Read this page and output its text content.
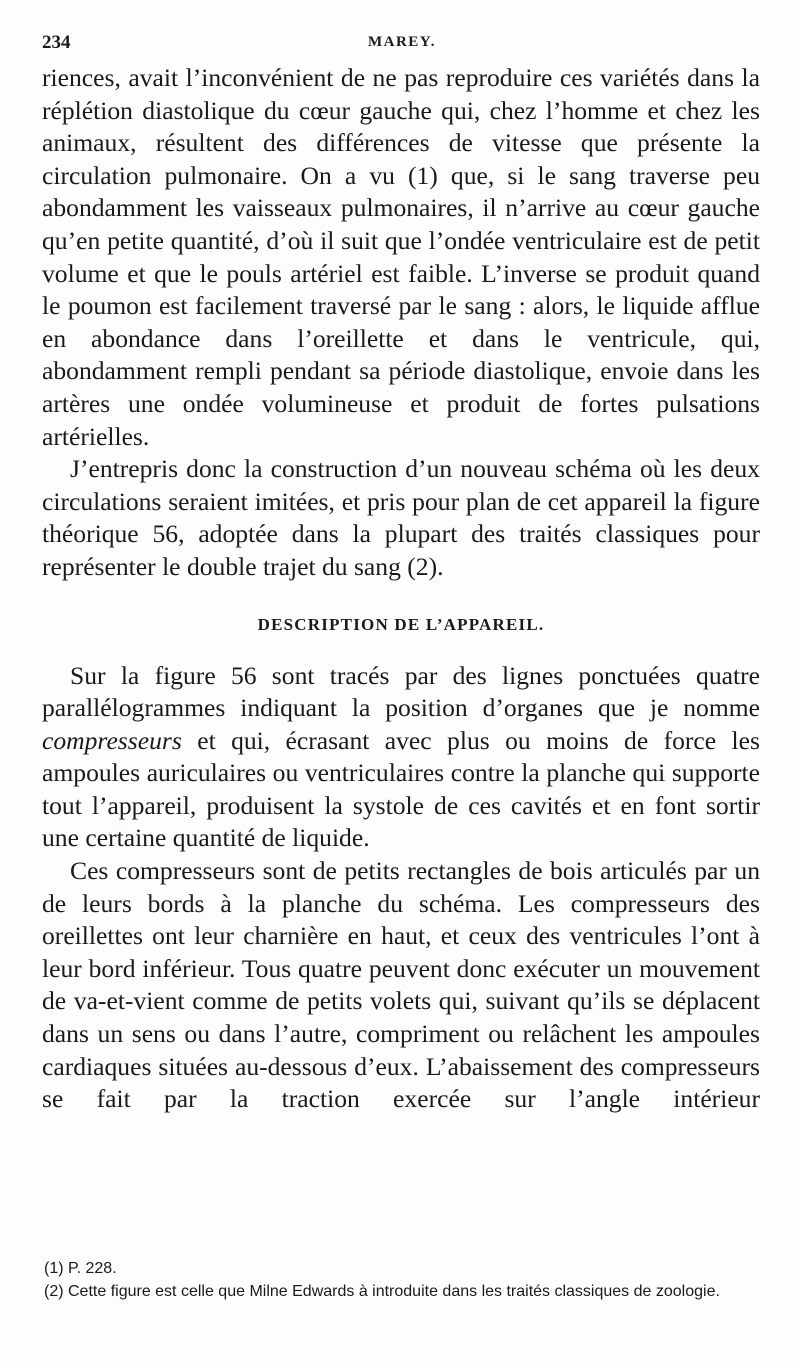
234	MAREY.

riences, avait l’inconvénient de ne pas reproduire ces variétés dans la réplétion diastolique du cœur gauche qui, chez l’homme et chez les animaux, résultent des différences de vitesse que présente la circulation pulmonaire. On a vu (1) que, si le sang traverse peu abondamment les vaisseaux pulmonaires, il n’arrive au cœur gauche qu’en petite quantité, d’où il suit que l’ondée ventriculaire est de petit volume et que le pouls artériel est faible. L’inverse se produit quand le poumon est facilement traversé par le sang : alors, le liquide afflue en abondance dans l’oreillette et dans le ventricule, qui, abondamment rempli pendant sa période diastolique, envoie dans les artères une ondée volumineuse et produit de fortes pulsations artérielles.

J’entrepris donc la construction d’un nouveau schéma où les deux circulations seraient imitées, et pris pour plan de cet appareil la figure théorique 56, adoptée dans la plupart des traités classiques pour représenter le double trajet du sang (2).

DESCRIPTION DE L’APPAREIL.

Sur la figure 56 sont tracés par des lignes ponctuées quatre parallélogrammes indiquant la position d’organes que je nomme compresseurs et qui, écrasant avec plus ou moins de force les ampoules auriculaires ou ventriculaires contre la planche qui supporte tout l’appareil, produisent la systole de ces cavités et en font sortir une certaine quantité de liquide.

Ces compresseurs sont de petits rectangles de bois articulés par un de leurs bords à la planche du schéma. Les compresseurs des oreillettes ont leur charnière en haut, et ceux des ventricules l’ont à leur bord inférieur. Tous quatre peuvent donc exécuter un mouvement de va-et-vient comme de petits volets qui, suivant qu’ils se déplacent dans un sens ou dans l’autre, compriment ou relâchent les ampoules cardiaques situées au-dessous d’eux. L’abaissement des compresseurs se fait par la traction exercée sur l’angle intérieur

(1) P. 228.

(2) Cette figure est celle que Milne Edwards à introduite dans les traités classiques de zoologie.
